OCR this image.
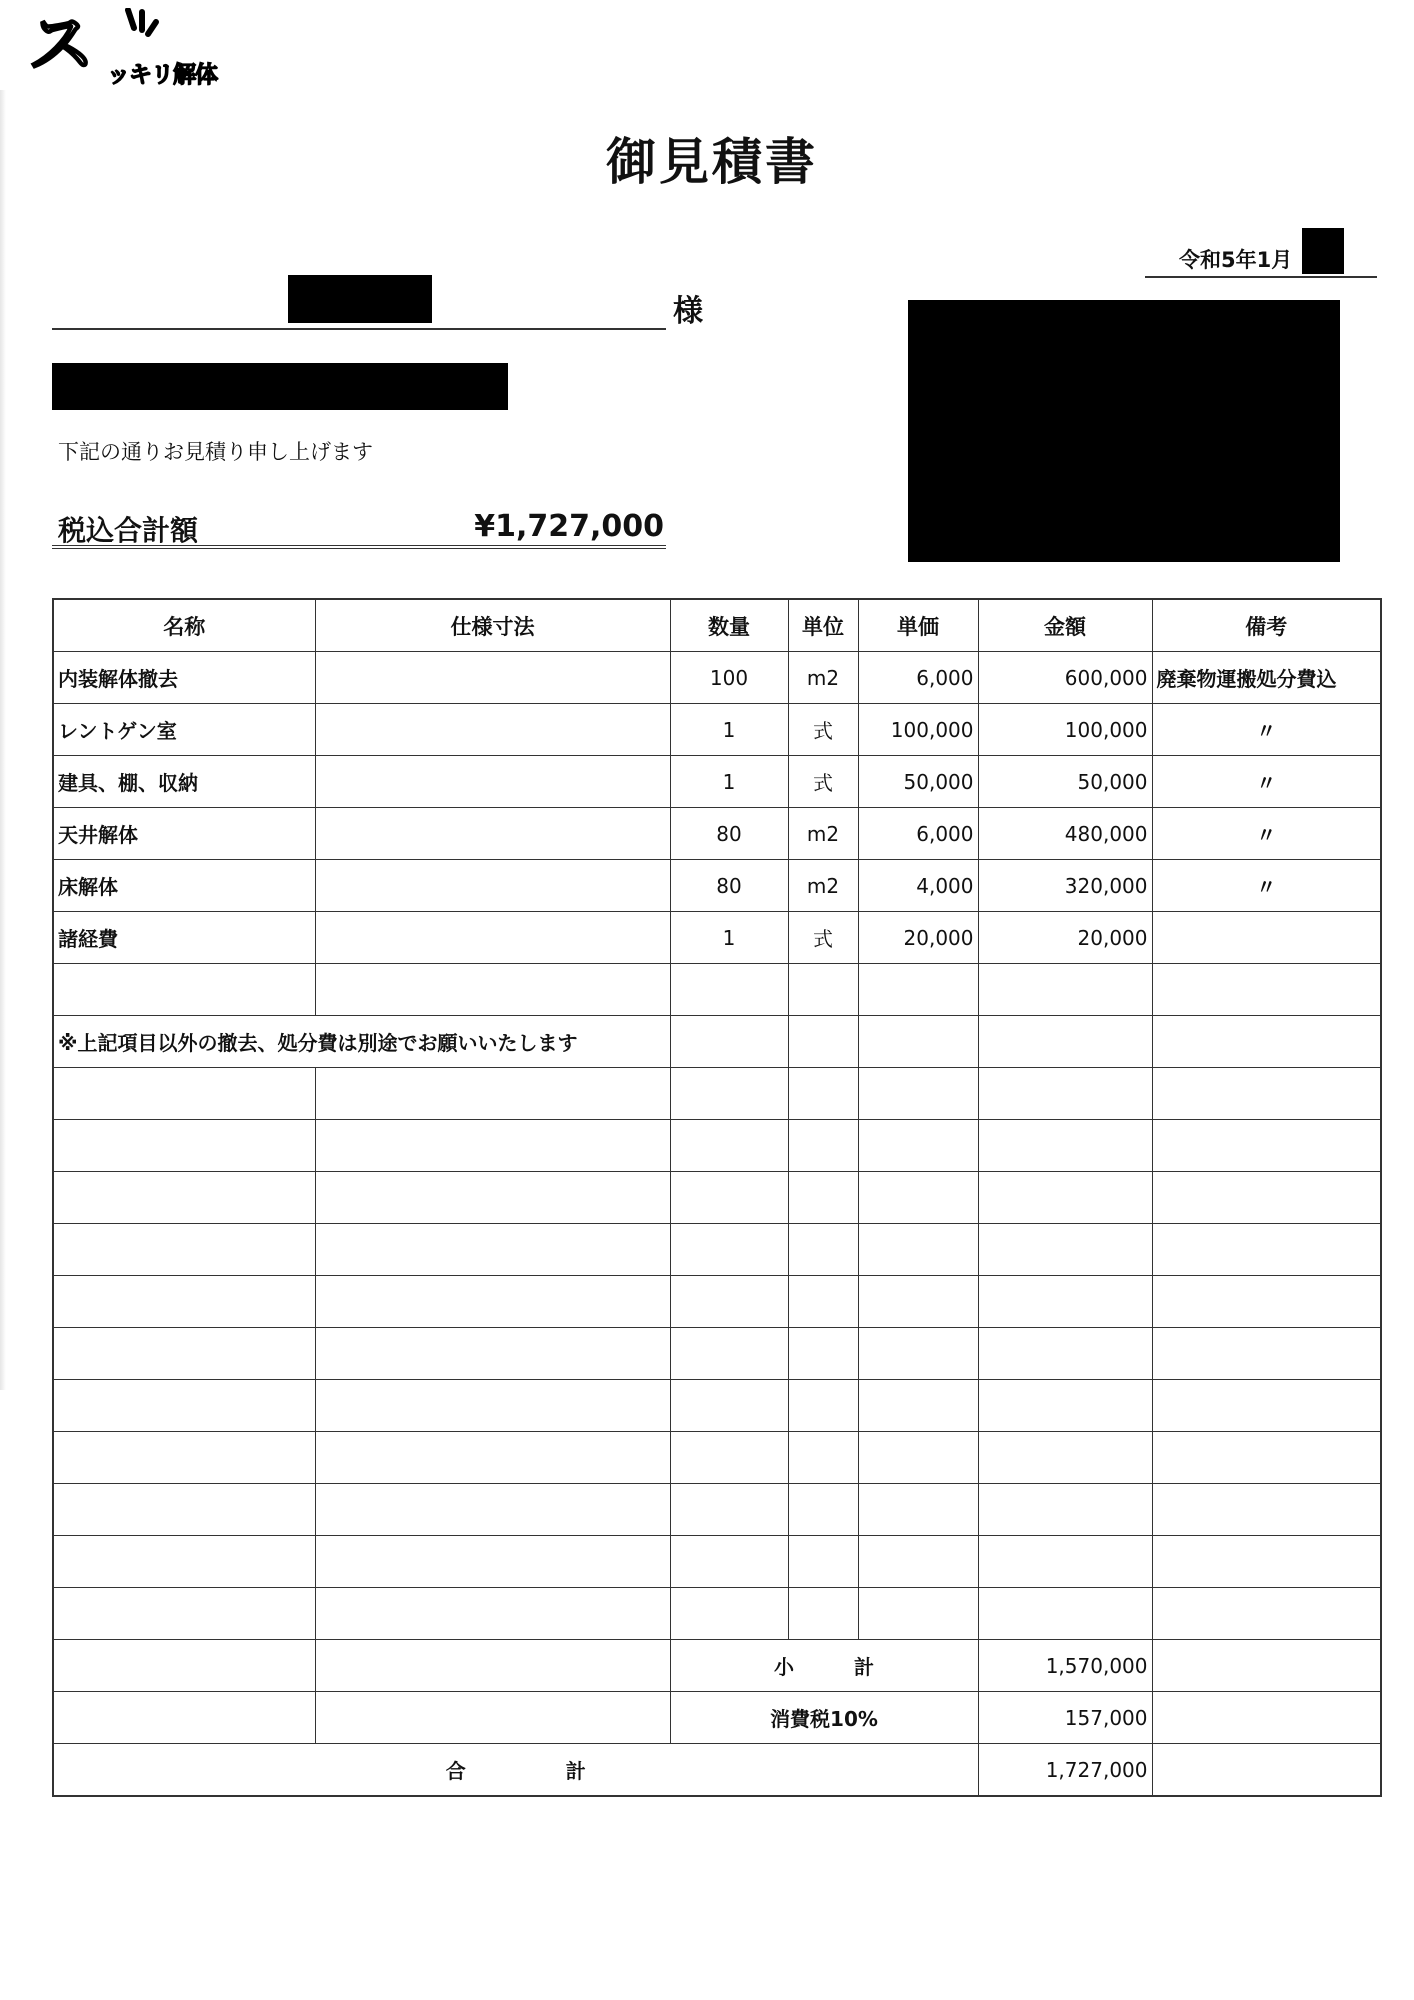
ス ッキリ解体
御見積書
令和5年1月
様
下記の通りお見積り申し上げます
税込合計額	¥1,727,000
名称	仕様寸法	数量	単位	単価	金額	備考
内装解体撤去		100	m2	6,000	600,000	廃棄物運搬処分費込
レントゲン室		1	式	100,000	100,000	〃
建具、棚、収納		1	式	50,000	50,000	〃
天井解体		80	m2	6,000	480,000	〃
床解体		80	m2	4,000	320,000	〃
諸経費		1	式	20,000	20,000	

※上記項目以外の撤去、処分費は別途でお願いいたします						

		小　　　計			1,570,000	
		消費税10%			157,000	
合　　　　　計					1,727,000	
